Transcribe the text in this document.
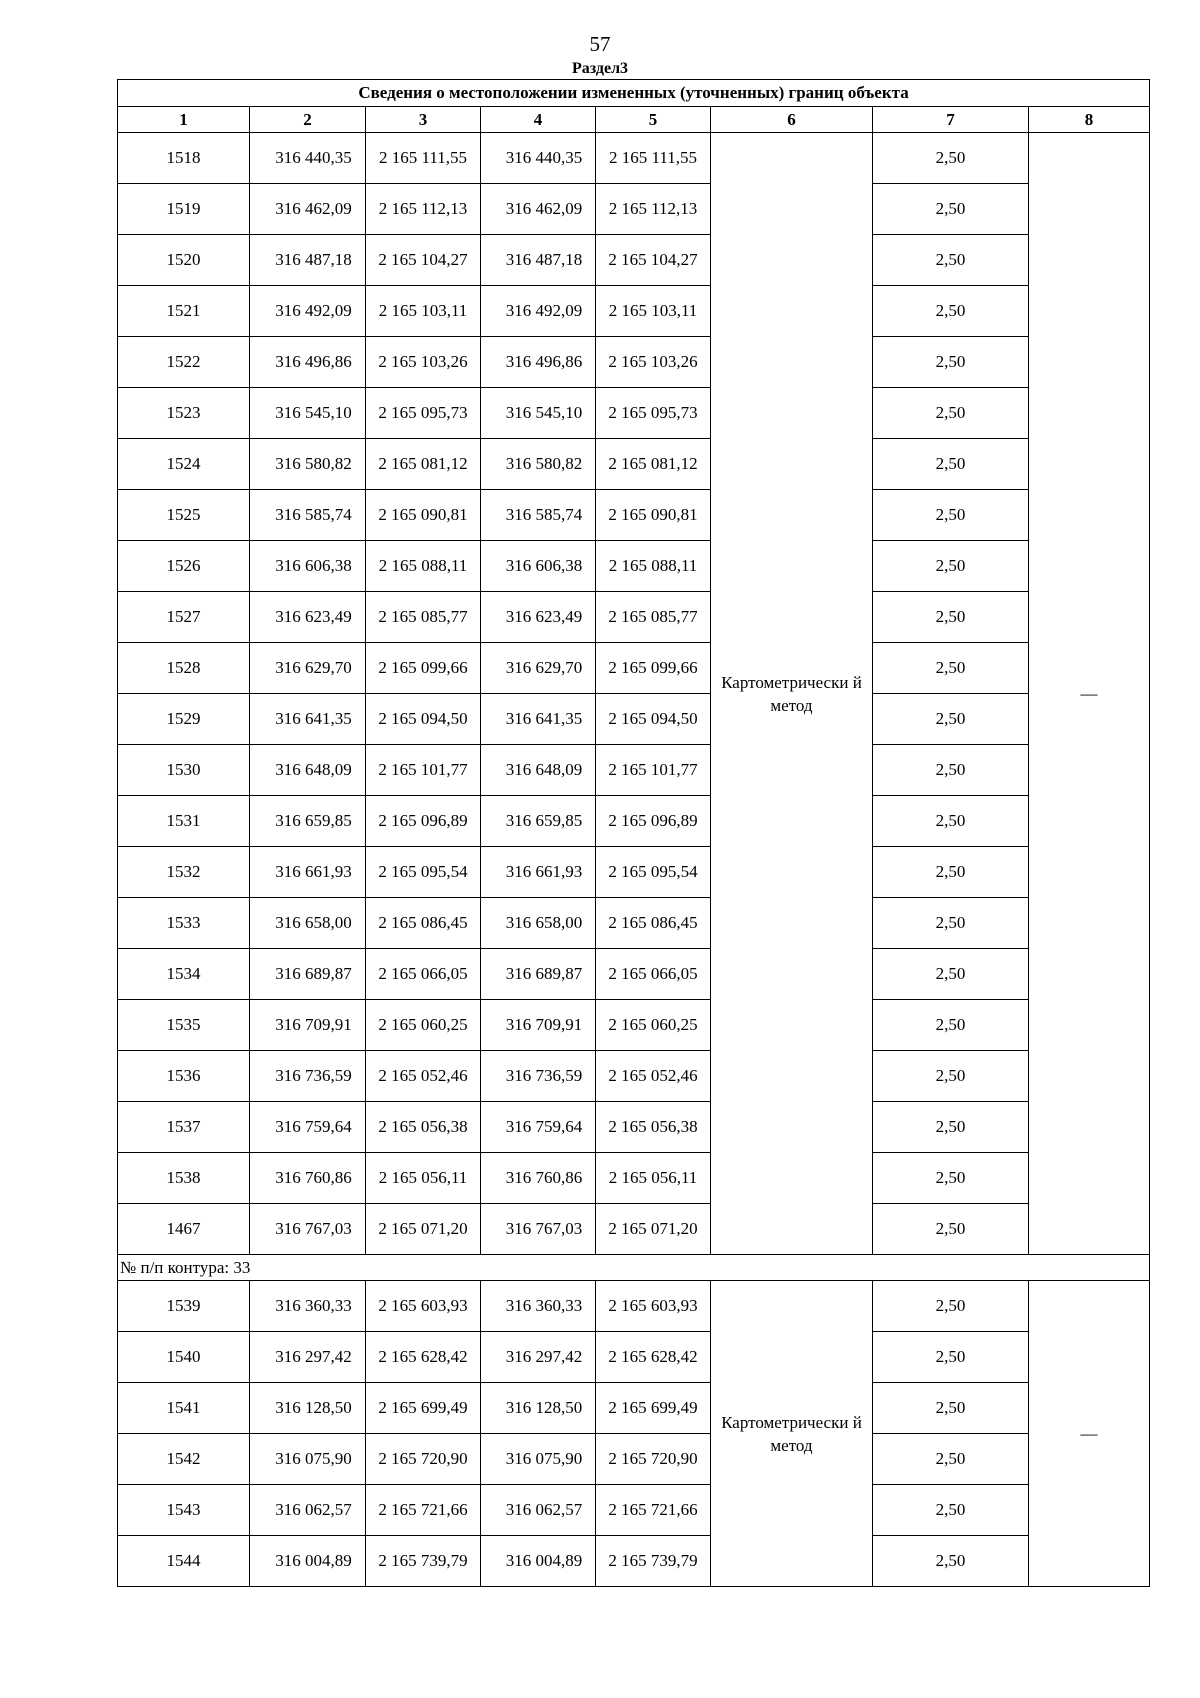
57
Раздел3
Сведения о местоположении измененных (уточненных) границ объекта							
1	2	3	4	5	6	7	8
1518	316 440,35	2 165 111,55	316 440,35	2 165 111,55	Картометрически й метод	2,50	—
1519	316 462,09	2 165 112,13	316 462,09	2 165 112,13		2,50	
1520	316 487,18	2 165 104,27	316 487,18	2 165 104,27		2,50	
1521	316 492,09	2 165 103,11	316 492,09	2 165 103,11		2,50	
1522	316 496,86	2 165 103,26	316 496,86	2 165 103,26		2,50	
1523	316 545,10	2 165 095,73	316 545,10	2 165 095,73		2,50	
1524	316 580,82	2 165 081,12	316 580,82	2 165 081,12		2,50	
1525	316 585,74	2 165 090,81	316 585,74	2 165 090,81		2,50	
1526	316 606,38	2 165 088,11	316 606,38	2 165 088,11		2,50	
1527	316 623,49	2 165 085,77	316 623,49	2 165 085,77		2,50	
1528	316 629,70	2 165 099,66	316 629,70	2 165 099,66		2,50	
1529	316 641,35	2 165 094,50	316 641,35	2 165 094,50		2,50	
1530	316 648,09	2 165 101,77	316 648,09	2 165 101,77		2,50	
1531	316 659,85	2 165 096,89	316 659,85	2 165 096,89		2,50	
1532	316 661,93	2 165 095,54	316 661,93	2 165 095,54		2,50	
1533	316 658,00	2 165 086,45	316 658,00	2 165 086,45		2,50	
1534	316 689,87	2 165 066,05	316 689,87	2 165 066,05		2,50	
1535	316 709,91	2 165 060,25	316 709,91	2 165 060,25		2,50	
1536	316 736,59	2 165 052,46	316 736,59	2 165 052,46		2,50	
1537	316 759,64	2 165 056,38	316 759,64	2 165 056,38		2,50	
1538	316 760,86	2 165 056,11	316 760,86	2 165 056,11		2,50	
1467	316 767,03	2 165 071,20	316 767,03	2 165 071,20		2,50	
№ п/п контура: 33							
1539	316 360,33	2 165 603,93	316 360,33	2 165 603,93	Картометрически й метод	2,50	—
1540	316 297,42	2 165 628,42	316 297,42	2 165 628,42		2,50	
1541	316 128,50	2 165 699,49	316 128,50	2 165 699,49		2,50	
1542	316 075,90	2 165 720,90	316 075,90	2 165 720,90		2,50	
1543	316 062,57	2 165 721,66	316 062,57	2 165 721,66		2,50	
1544	316 004,89	2 165 739,79	316 004,89	2 165 739,79		2,50	
